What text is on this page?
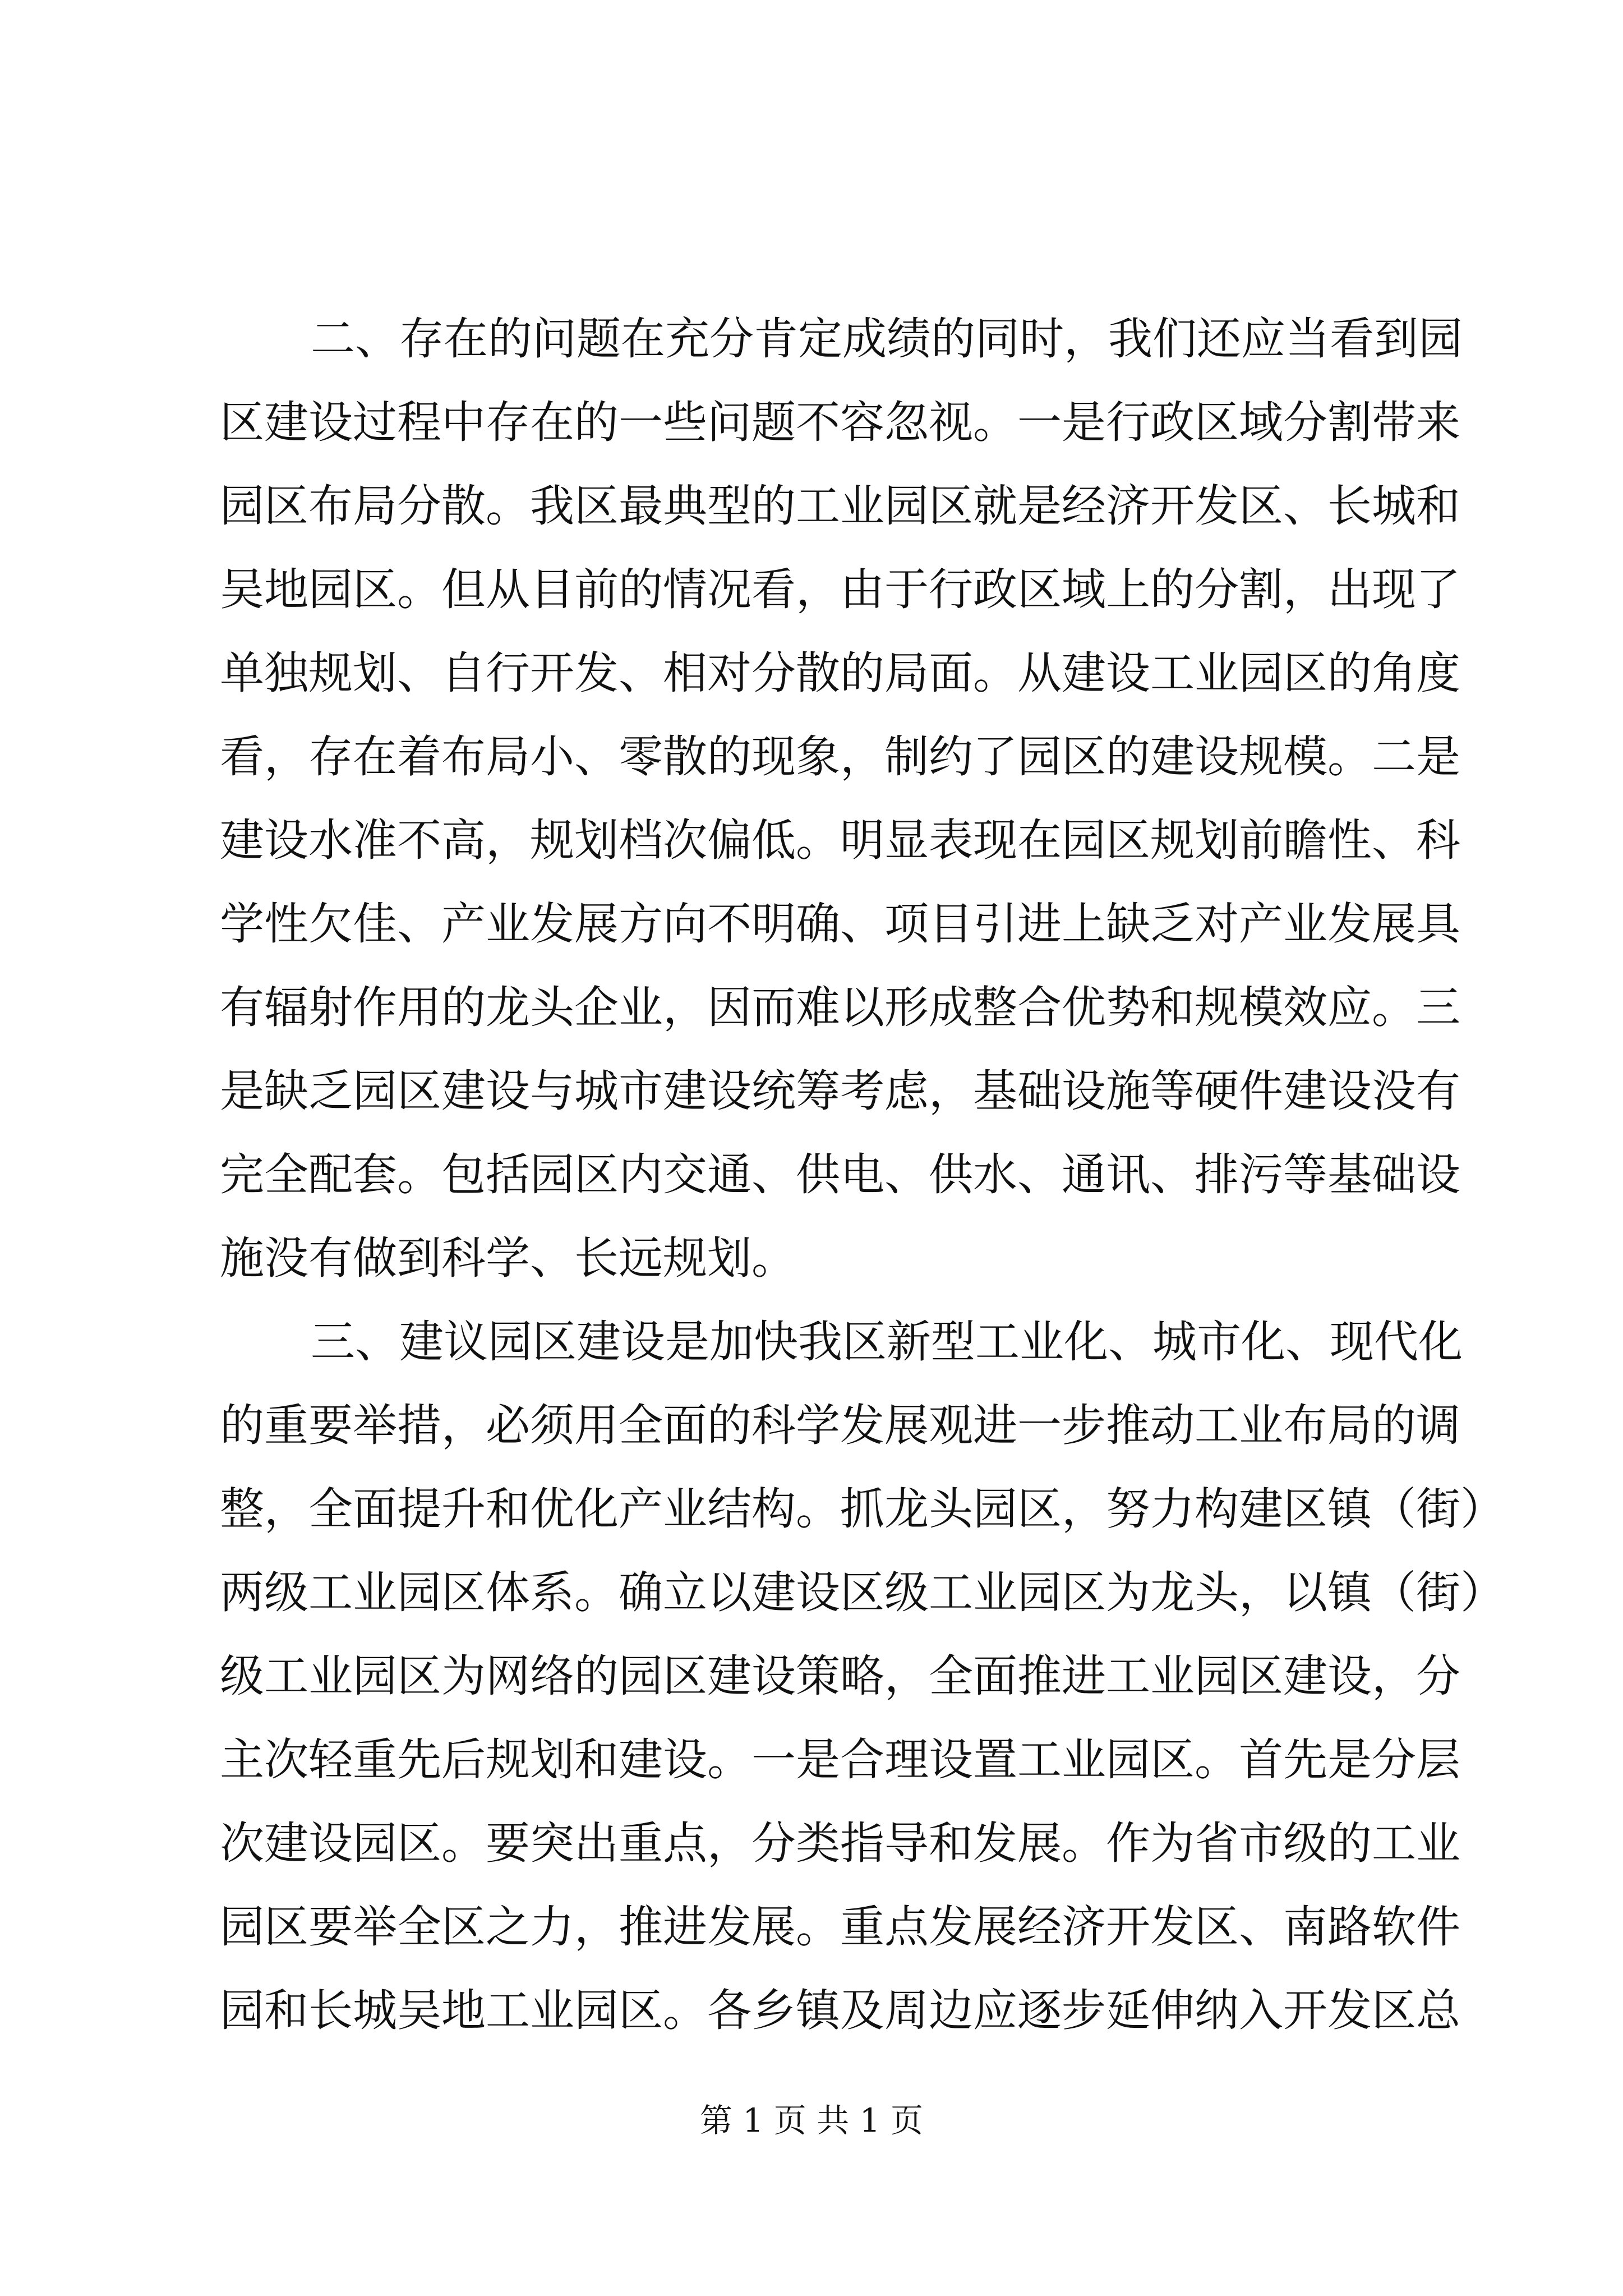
二、存在的问题在充分肯定成绩的同时，我们还应当看到园
区建设过程中存在的一些问题不容忽视。一是行政区域分割带来
园区布局分散。我区最典型的工业园区就是经济开发区、长城和
吴地园区。但从目前的情况看，由于行政区域上的分割，出现了
单独规划、自行开发、相对分散的局面。从建设工业园区的角度
看，存在着布局小、零散的现象，制约了园区的建设规模。二是
建设水准不高，规划档次偏低。明显表现在园区规划前瞻性、科
学性欠佳、产业发展方向不明确、项目引进上缺乏对产业发展具
有辐射作用的龙头企业，因而难以形成整合优势和规模效应。三
是缺乏园区建设与城市建设统筹考虑，基础设施等硬件建设没有
完全配套。包括园区内交通、供电、供水、通讯、排污等基础设
施没有做到科学、长远规划。
三、建议园区建设是加快我区新型工业化、城市化、现代化
的重要举措，必须用全面的科学发展观进一步推动工业布局的调
整，全面提升和优化产业结构。抓龙头园区，努力构建区镇（街）
两级工业园区体系。确立以建设区级工业园区为龙头，以镇（街）
级工业园区为网络的园区建设策略，全面推进工业园区建设，分
主次轻重先后规划和建设。一是合理设置工业园区。首先是分层
次建设园区。要突出重点，分类指导和发展。作为省市级的工业
园区要举全区之力，推进发展。重点发展经济开发区、南路软件
园和长城吴地工业园区。各乡镇及周边应逐步延伸纳入开发区总
第 1 页 共 1 页
